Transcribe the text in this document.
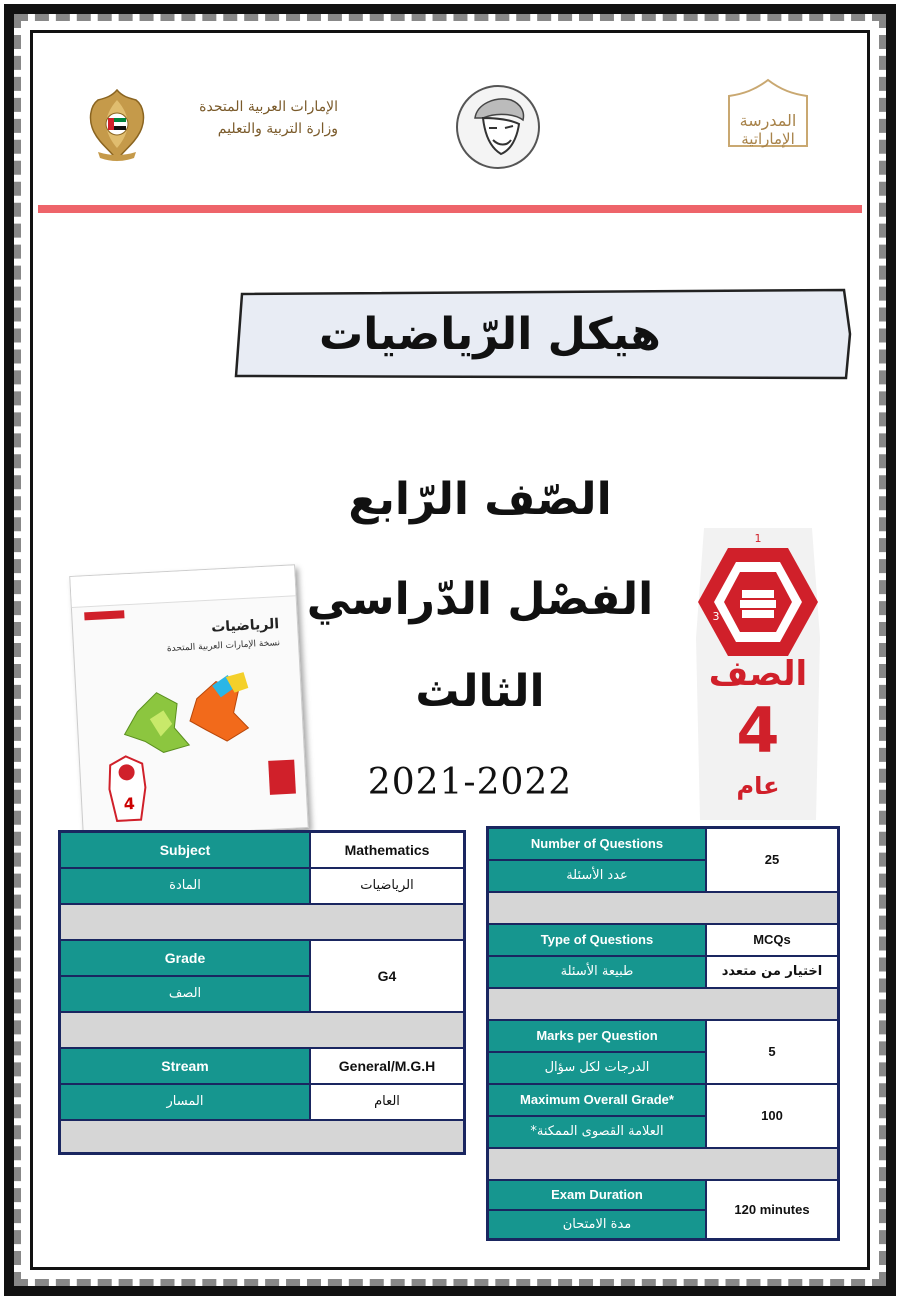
الإمارات العربية المتحدة
وزارة التربية والتعليم	المدرسة
الإماراتية
هيكل الرّياضيات
الصّف الرّابع
الفصْل الدّراسي
الثالث
2021-2022
الرياضيات
نسخة الإمارات العربية المتحدة
4
1
2
3
الصف
4
عام
Subject	Mathematics
المادة	الرياضيات

Grade	G4
الصف	

Stream	General/M.G.H
المسار	العام

Number of Questions	25
عدد الأسئلة	

Type of Questions	MCQs
طبيعة الأسئلة	اختيار من متعدد

Marks per Question	5
الدرجات لكل سؤال	
Maximum Overall Grade*	100
العلامة القصوى الممكنة*	

Exam Duration	120 minutes
مدة الامتحان	
